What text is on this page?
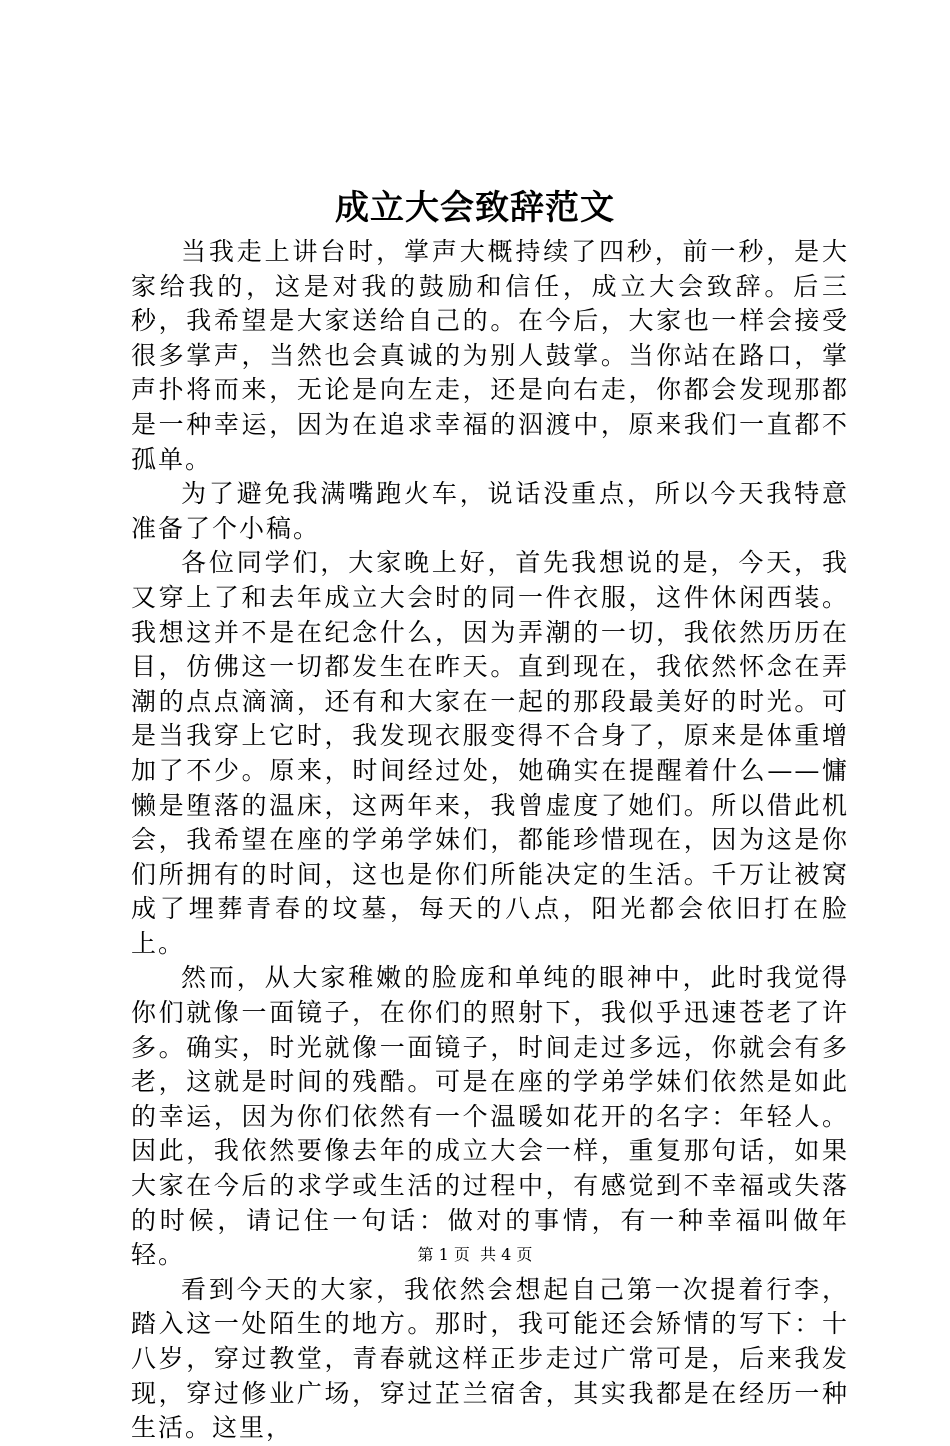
成立大会致辞范文

当我走上讲台时，掌声大概持续了四秒，前一秒，是大家给我的，这是对我的鼓励和信任，成立大会致辞。后三秒，我希望是大家送给自己的。在今后，大家也一样会接受很多掌声，当然也会真诚的为别人鼓掌。当你站在路口，掌声扑将而来，无论是向左走，还是向右走，你都会发现那都是一种幸运，因为在追求幸福的泅渡中，原来我们一直都不孤单。

为了避免我满嘴跑火车，说话没重点，所以今天我特意准备了个小稿。

各位同学们，大家晚上好，首先我想说的是，今天，我又穿上了和去年成立大会时的同一件衣服，这件休闲西装。我想这并不是在纪念什么，因为弄潮的一切，我依然历历在目，仿佛这一切都发生在昨天。直到现在，我依然怀念在弄潮的点点滴滴，还有和大家在一起的那段最美好的时光。可是当我穿上它时，我发现衣服变得不合身了，原来是体重增加了不少。原来，时间经过处，她确实在提醒着什么——慵懒是堕落的温床，这两年来，我曾虚度了她们。所以借此机会，我希望在座的学弟学妹们，都能珍惜现在，因为这是你们所拥有的时间，这也是你们所能决定的生活。千万让被窝成了埋葬青春的坟墓，每天的八点，阳光都会依旧打在脸上。

然而，从大家稚嫩的脸庞和单纯的眼神中，此时我觉得你们就像一面镜子，在你们的照射下，我似乎迅速苍老了许多。确实，时光就像一面镜子，时间走过多远，你就会有多老，这就是时间的残酷。可是在座的学弟学妹们依然是如此的幸运，因为你们依然有一个温暖如花开的名字：年轻人。因此，我依然要像去年的成立大会一样，重复那句话，如果大家在今后的求学或生活的过程中，有感觉到不幸福或失落的时候，请记住一句话：做对的事情，有一种幸福叫做年轻。

看到今天的大家，我依然会想起自己第一次提着行李，踏入这一处陌生的地方。那时，我可能还会矫情的写下：十八岁，穿过教堂，青春就这样正步走过广常可是，后来我发现，穿过修业广场，穿过芷兰宿舍，其实我都是在经历一种生活。这里，

第 1 页  共 4 页
